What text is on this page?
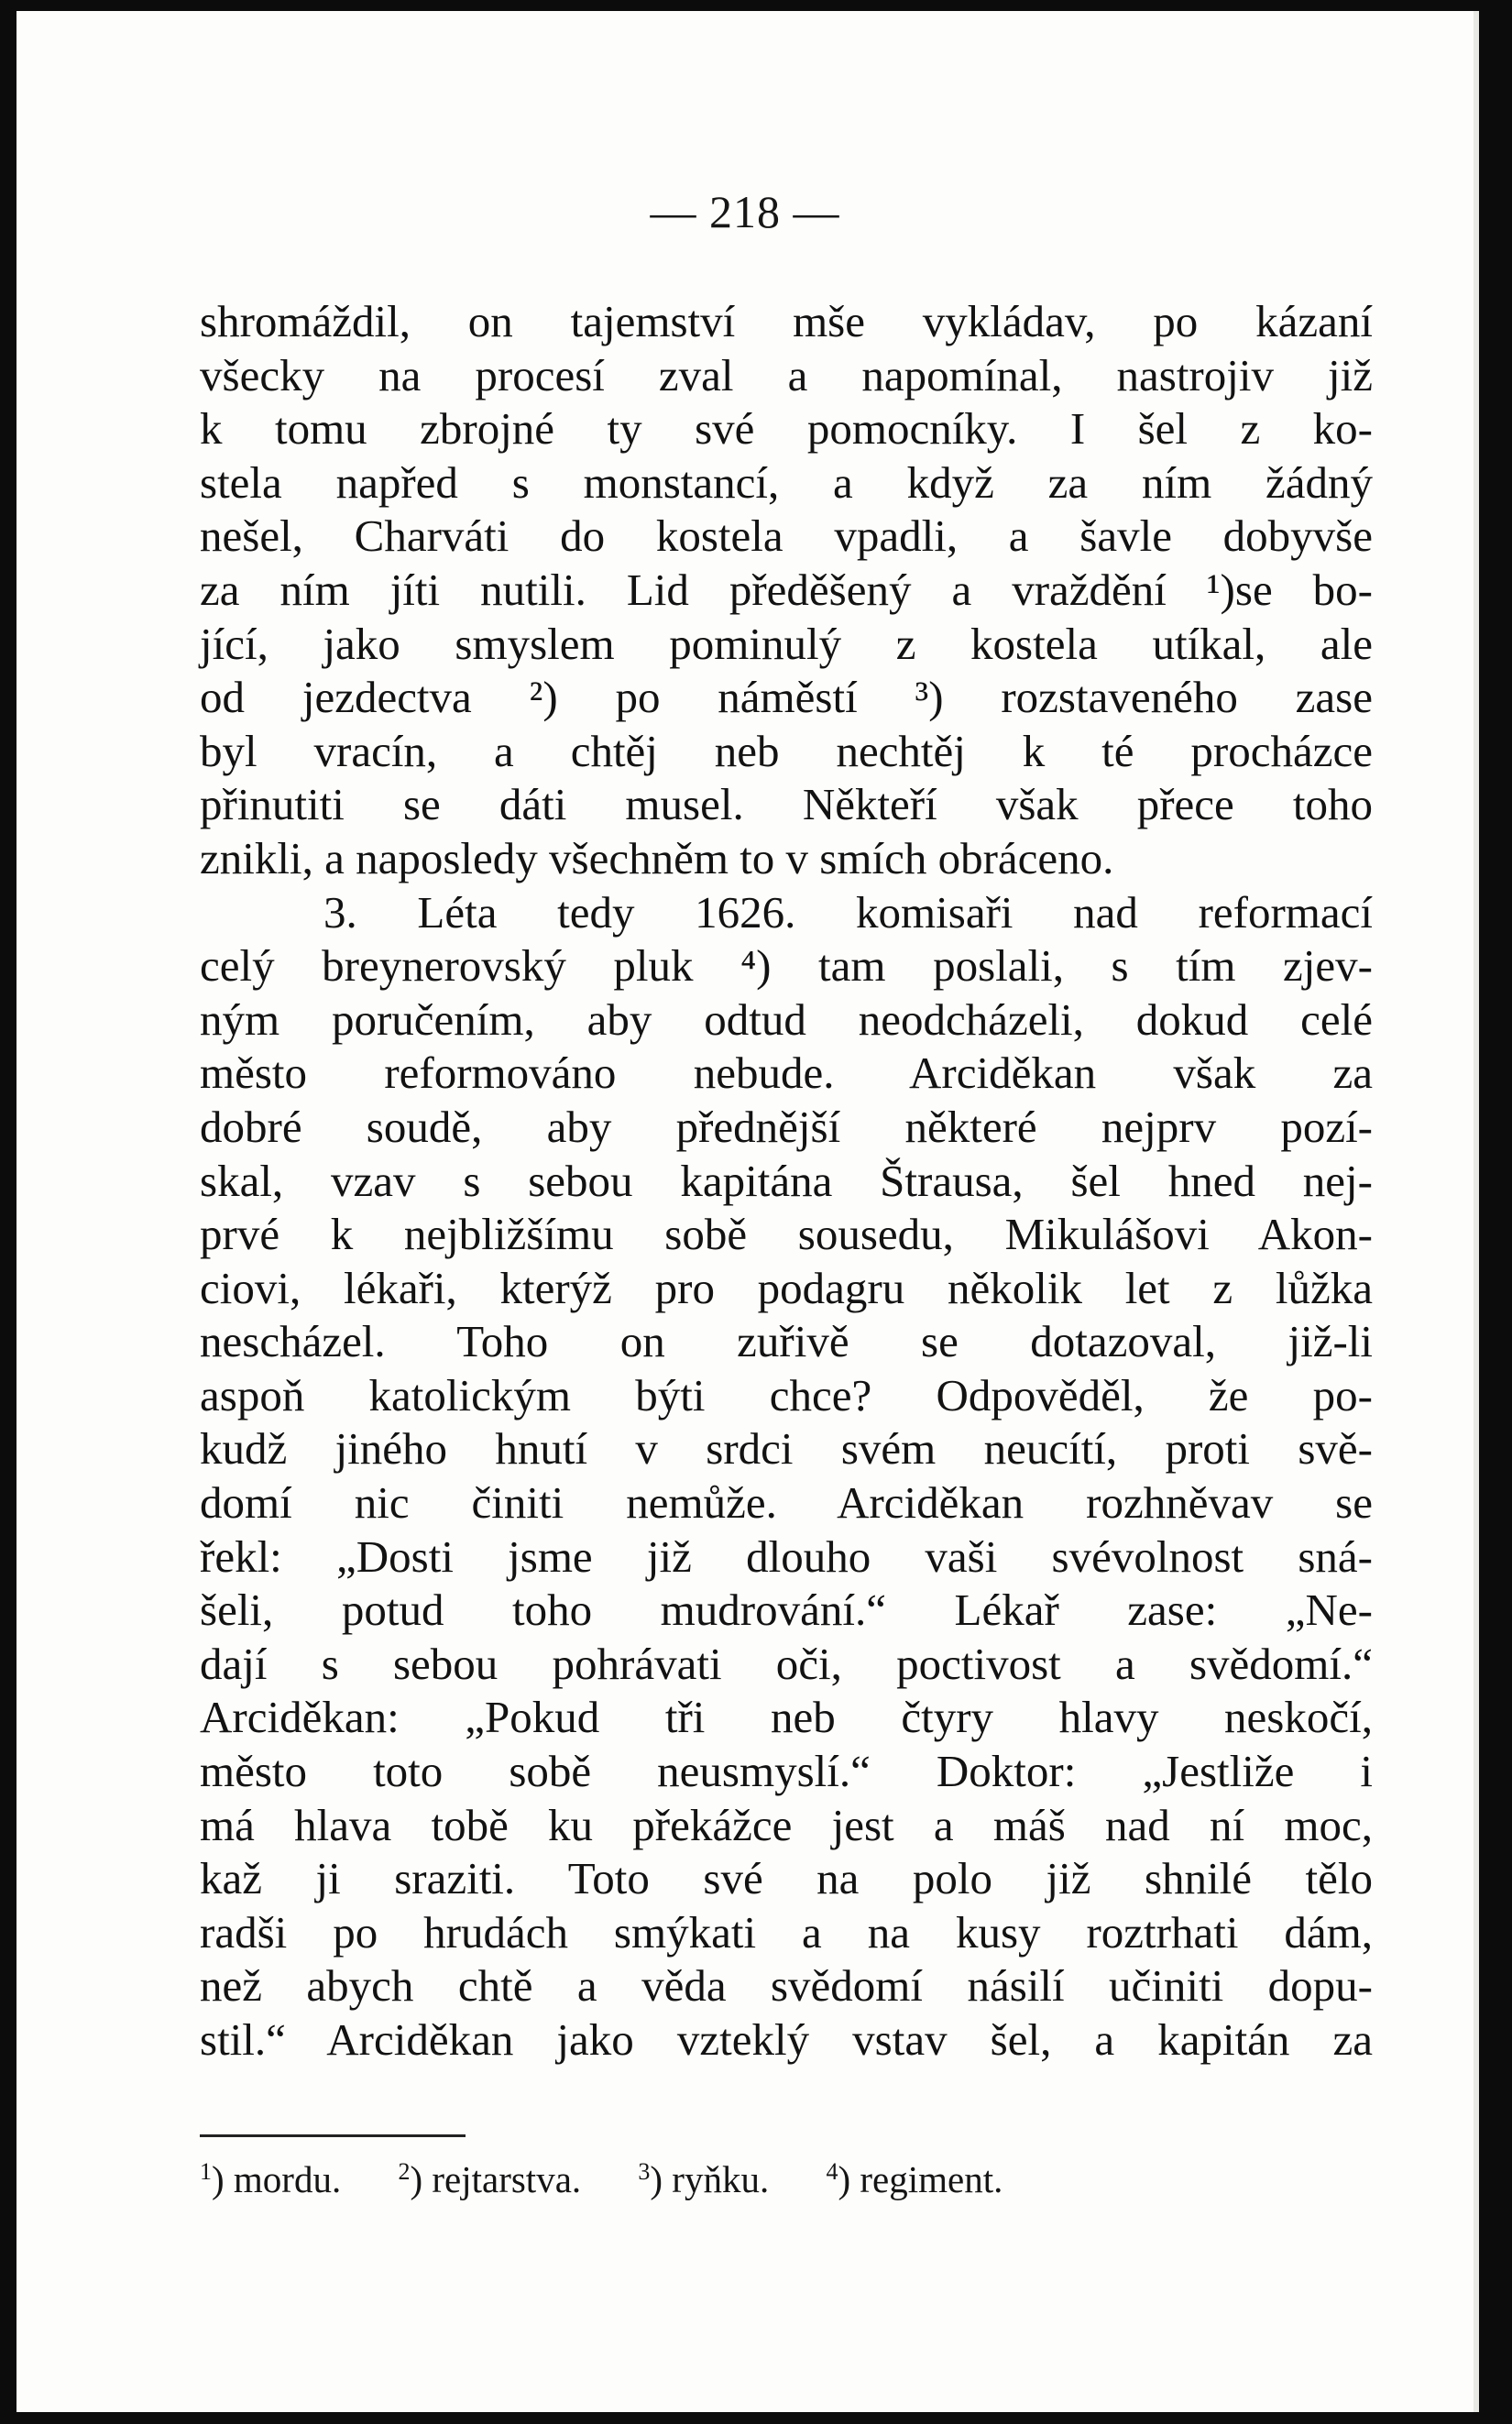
— 218 —
shromáždil, on tajemství mše vykládav, po kázaní
všecky na procesí zval a napomínal, nastrojiv již
k tomu zbrojné ty své pomocníky. I šel z ko-
stela napřed s monstancí, a když za ním žádný
nešel, Charváti do kostela vpadli, a šavle dobyvše
za ním jíti nutili. Lid předěšený a vraždění ¹)se bo-
jící, jako smyslem pominulý z kostela utíkal, ale
od jezdectva ²) po náměstí ³) rozstaveného zase
byl vracín, a chtěj neb nechtěj k té procházce
přinutiti se dáti musel. Někteří však přece toho
znikli, a naposledy všechněm to v smích obráceno.
3. Léta tedy 1626. komisaři nad reformací
celý breynerovský pluk ⁴) tam poslali, s tím zjev-
ným poručením, aby odtud neodcházeli, dokud celé
město reformováno nebude. Arciděkan však za
dobré soudě, aby přednější některé nejprv pozí-
skal, vzav s sebou kapitána Štrausa, šel hned nej-
prvé k nejbližšímu sobě sousedu, Mikulášovi Akon-
ciovi, lékaři, kterýž pro podagru několik let z lůžka
nescházel. Toho on zuřivě se dotazoval, již-li
aspoň katolickým býti chce? Odpověděl, že po-
kudž jiného hnutí v srdci svém neucítí, proti svě-
domí nic činiti nemůže. Arciděkan rozhněvav se
řekl: „Dosti jsme již dlouho vaši svévolnost sná-
šeli, potud toho mudrování.“ Lékař zase: „Ne-
dají s sebou pohrávati oči, poctivost a svědomí.“
Arciděkan: „Pokud tři neb čtyry hlavy neskočí,
město toto sobě neusmyslí.“ Doktor: „Jestliže i
má hlava tobě ku překážce jest a máš nad ní moc,
kaž ji sraziti. Toto své na polo již shnilé tělo
radši po hrudách smýkati a na kusy roztrhati dám,
než abych chtě a věda svědomí násilí učiniti dopu-
stil.“ Arciděkan jako vzteklý vstav šel, a kapitán za
$^1$) mordu. $^2$) rejtarstva. $^3$) ryňku. $^4$) regiment.
